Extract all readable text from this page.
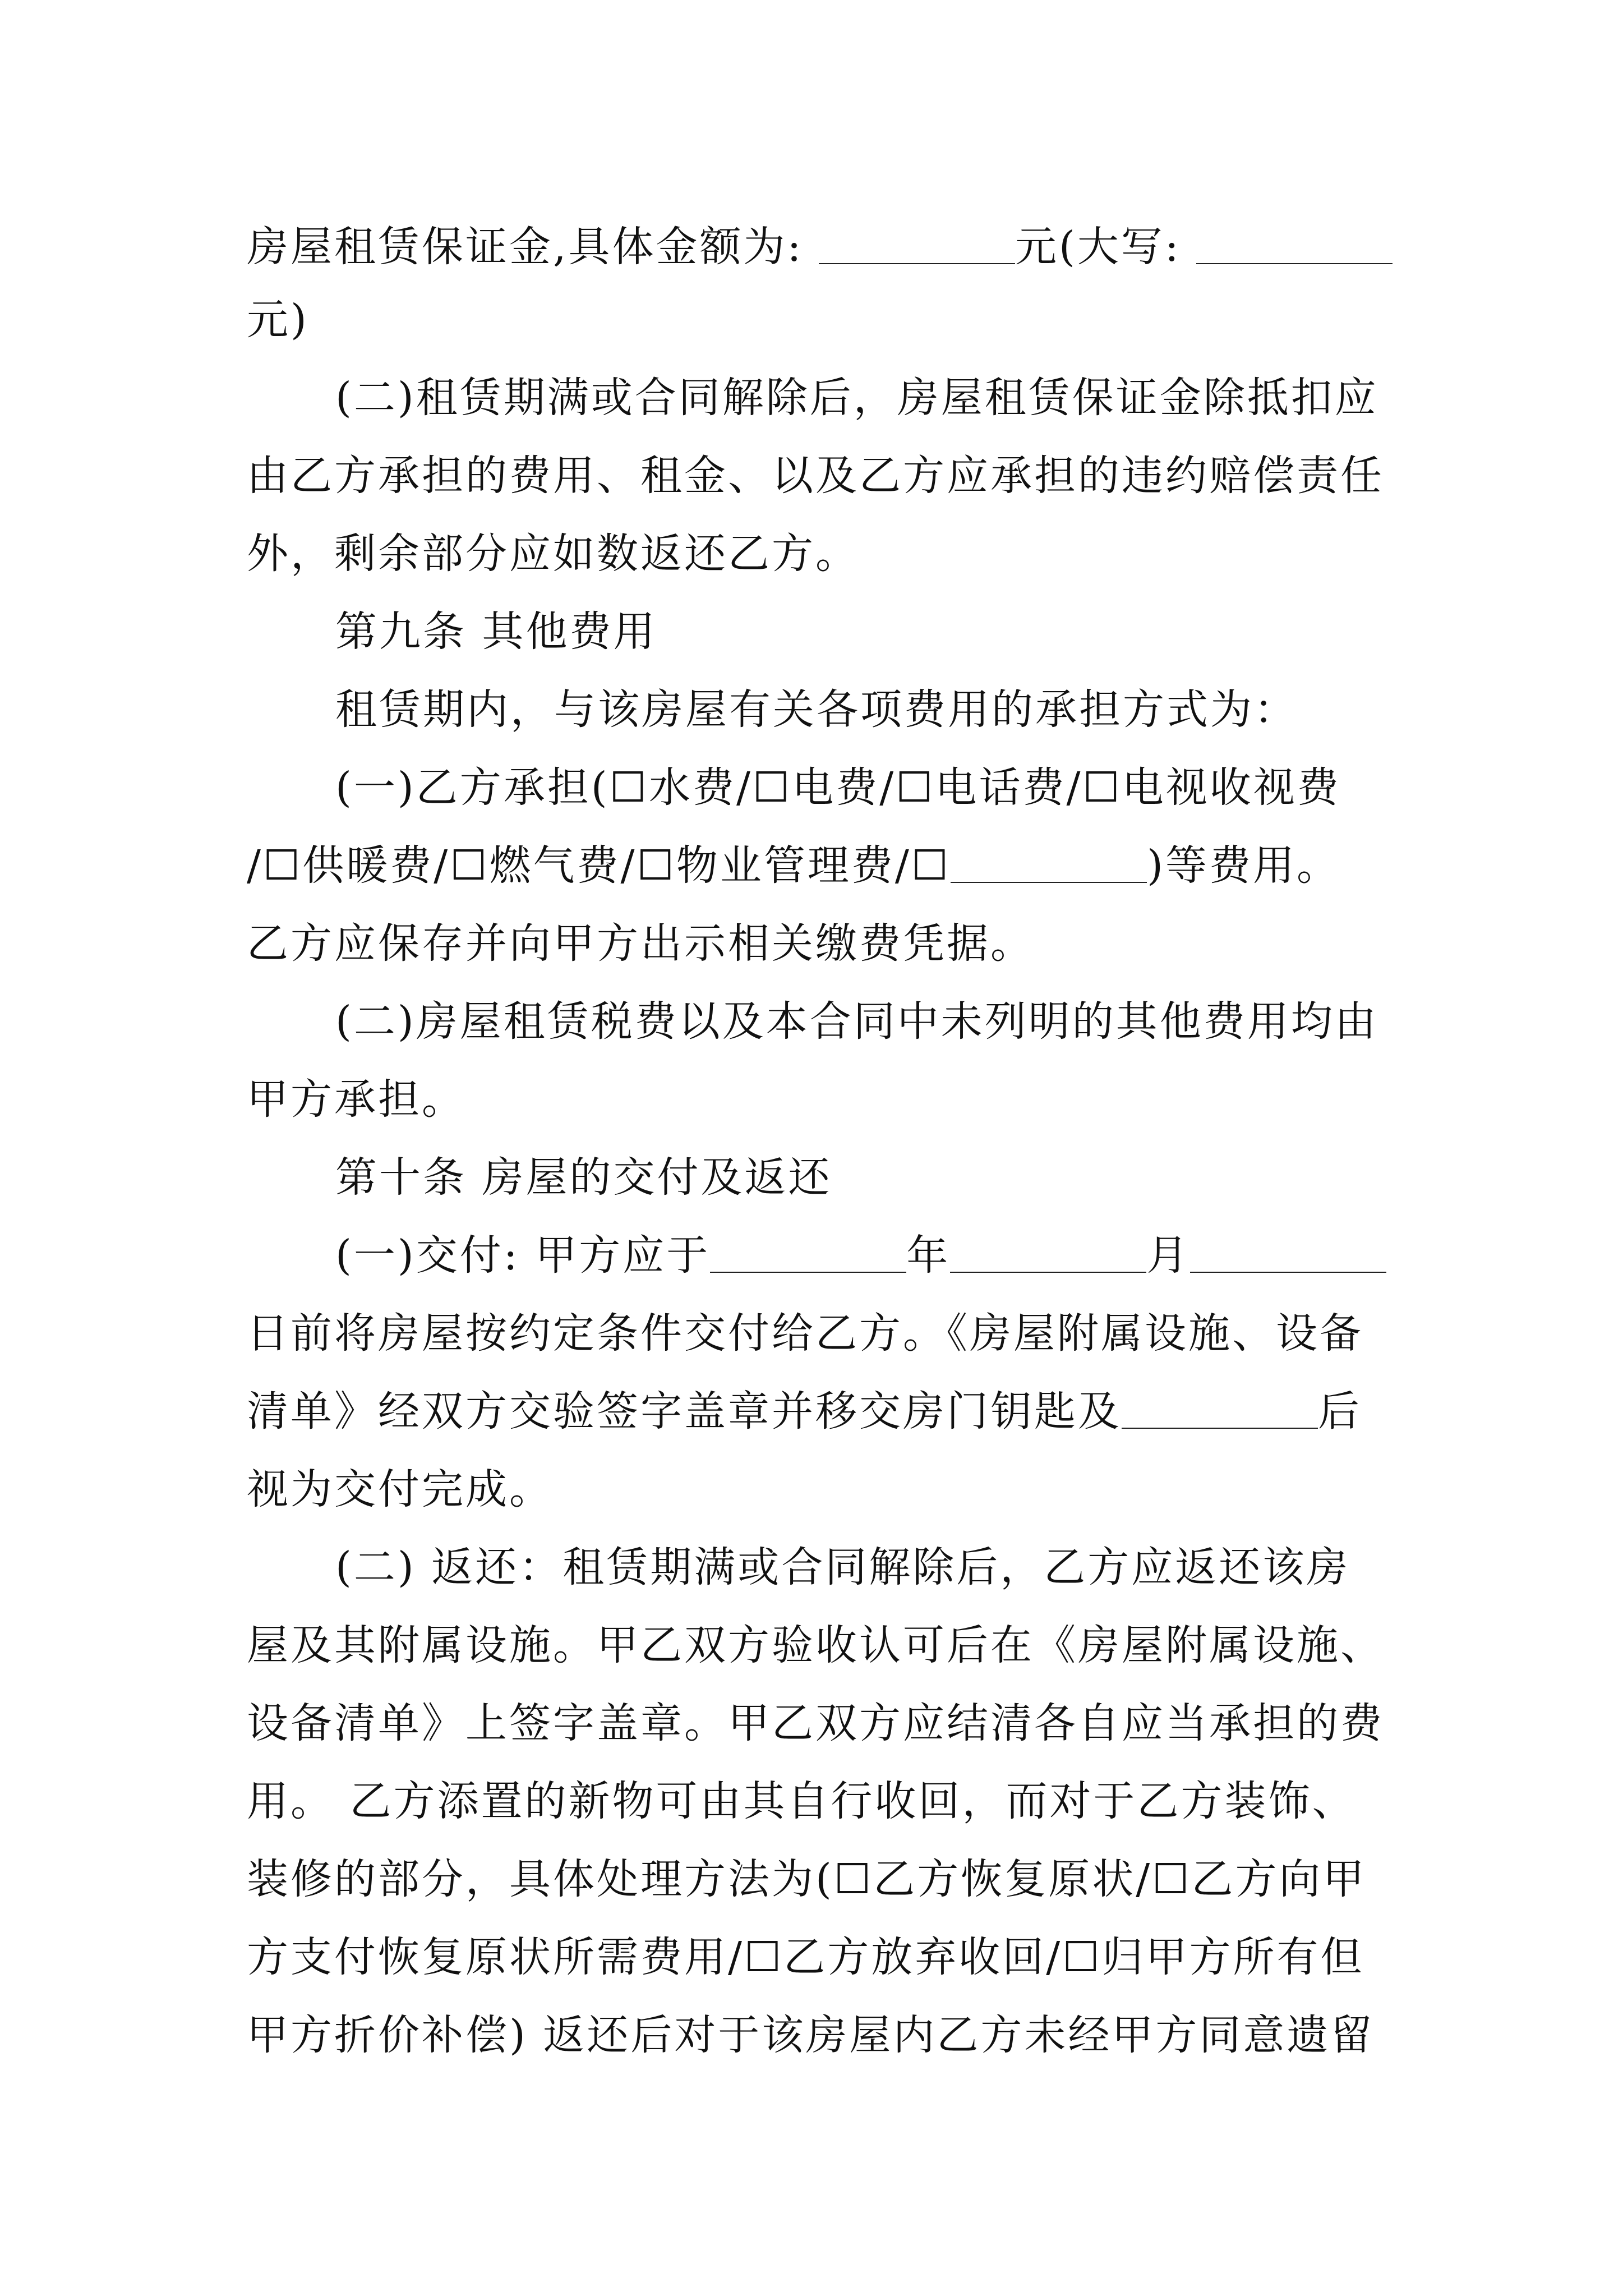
房屋租赁保证金,具体金额为:	元(大写:
元)
(二)租赁期满或合同解除后，房屋租赁保证金除抵扣应
由乙方承担的费用、租金、以及乙方应承担的违约赔偿责任
外，剩余部分应如数返还乙方。
第九条 其他费用
租赁期内，与该房屋有关各项费用的承担方式为：
(一)乙方承担(☐水费/☐电费/☐电话费/☐电视收视费
/☐供暖费/☐燃气费/☐物业管理费/☐	)等费用。
乙方应保存并向甲方出示相关缴费凭据。
(二)房屋租赁税费以及本合同中未列明的其他费用均由
甲方承担。
第十条 房屋的交付及返还
(一)交付: 甲方应于	年	月
日前将房屋按约定条件交付给乙方。《房屋附属设施、设备
清单》经双方交验签字盖章并移交房门钥匙及	后
视为交付完成。
(二) 返还：租赁期满或合同解除后，乙方应返还该房
屋及其附属设施。甲乙双方验收认可后在《房屋附属设施、
设备清单》上签字盖章。甲乙双方应结清各自应当承担的费
用。 乙方添置的新物可由其自行收回，而对于乙方装饰、
装修的部分，具体处理方法为(☐乙方恢复原状/☐乙方向甲
方支付恢复原状所需费用/☐乙方放弃收回/☐归甲方所有但
甲方折价补偿) 返还后对于该房屋内乙方未经甲方同意遗留
